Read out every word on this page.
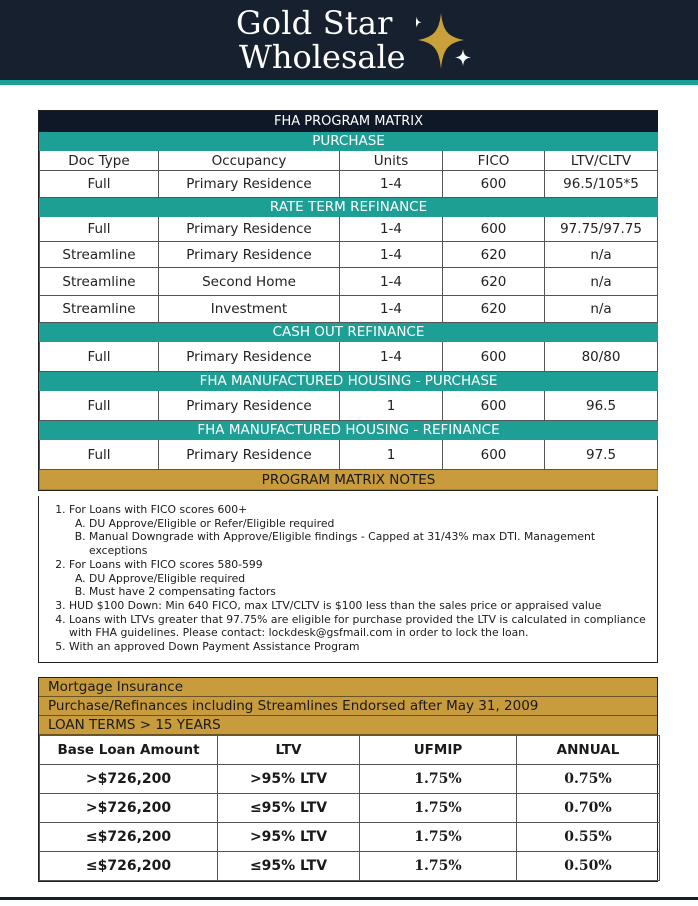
Gold Star
Wholesale
FHA PROGRAM MATRIX				
PURCHASE				
Doc Type	Occupancy	Units	FICO	LTV/CLTV
Full	Primary Residence	1-4	600	96.5/105*5
RATE TERM REFINANCE				
Full	Primary Residence	1-4	600	97.75/97.75
Streamline	Primary Residence	1-4	620	n/a
Streamline	Second Home	1-4	620	n/a
Streamline	Investment	1-4	620	n/a
CASH OUT REFINANCE				
Full	Primary Residence	1-4	600	80/80
FHA MANUFACTURED HOUSING - PURCHASE				
Full	Primary Residence	1	600	96.5
FHA MANUFACTURED HOUSING - REFINANCE				
Full	Primary Residence	1	600	97.5
PROGRAM MATRIX NOTES				
1. For Loans with FICO scores 600+
A. DU Approve/Eligible or Refer/Eligible required
B. Manual Downgrade with Approve/Eligible findings - Capped at 31/43% max DTI. Management exceptions
2. For Loans with FICO scores 580-599
A. DU Approve/Eligible required
B. Must have 2 compensating factors
3. HUD $100 Down: Min 640 FICO, max LTV/CLTV is $100 less than the sales price or appraised value
4. Loans with LTVs greater that 97.75% are eligible for purchase provided the LTV is calculated in compliance with FHA guidelines. Please contact: lockdesk@gsfmail.com in order to lock the loan.
5. With an approved Down Payment Assistance Program
Mortgage Insurance
Purchase/Refinances including Streamlines Endorsed after May 31, 2009
LOAN TERMS > 15 YEARS
Base Loan Amount	LTV	UFMIP	ANNUAL
>$726,200	>95% LTV	1.75%	0.75%
>$726,200	≤95% LTV	1.75%	0.70%
≤$726,200	>95% LTV	1.75%	0.55%
≤$726,200	≤95% LTV	1.75%	0.50%
